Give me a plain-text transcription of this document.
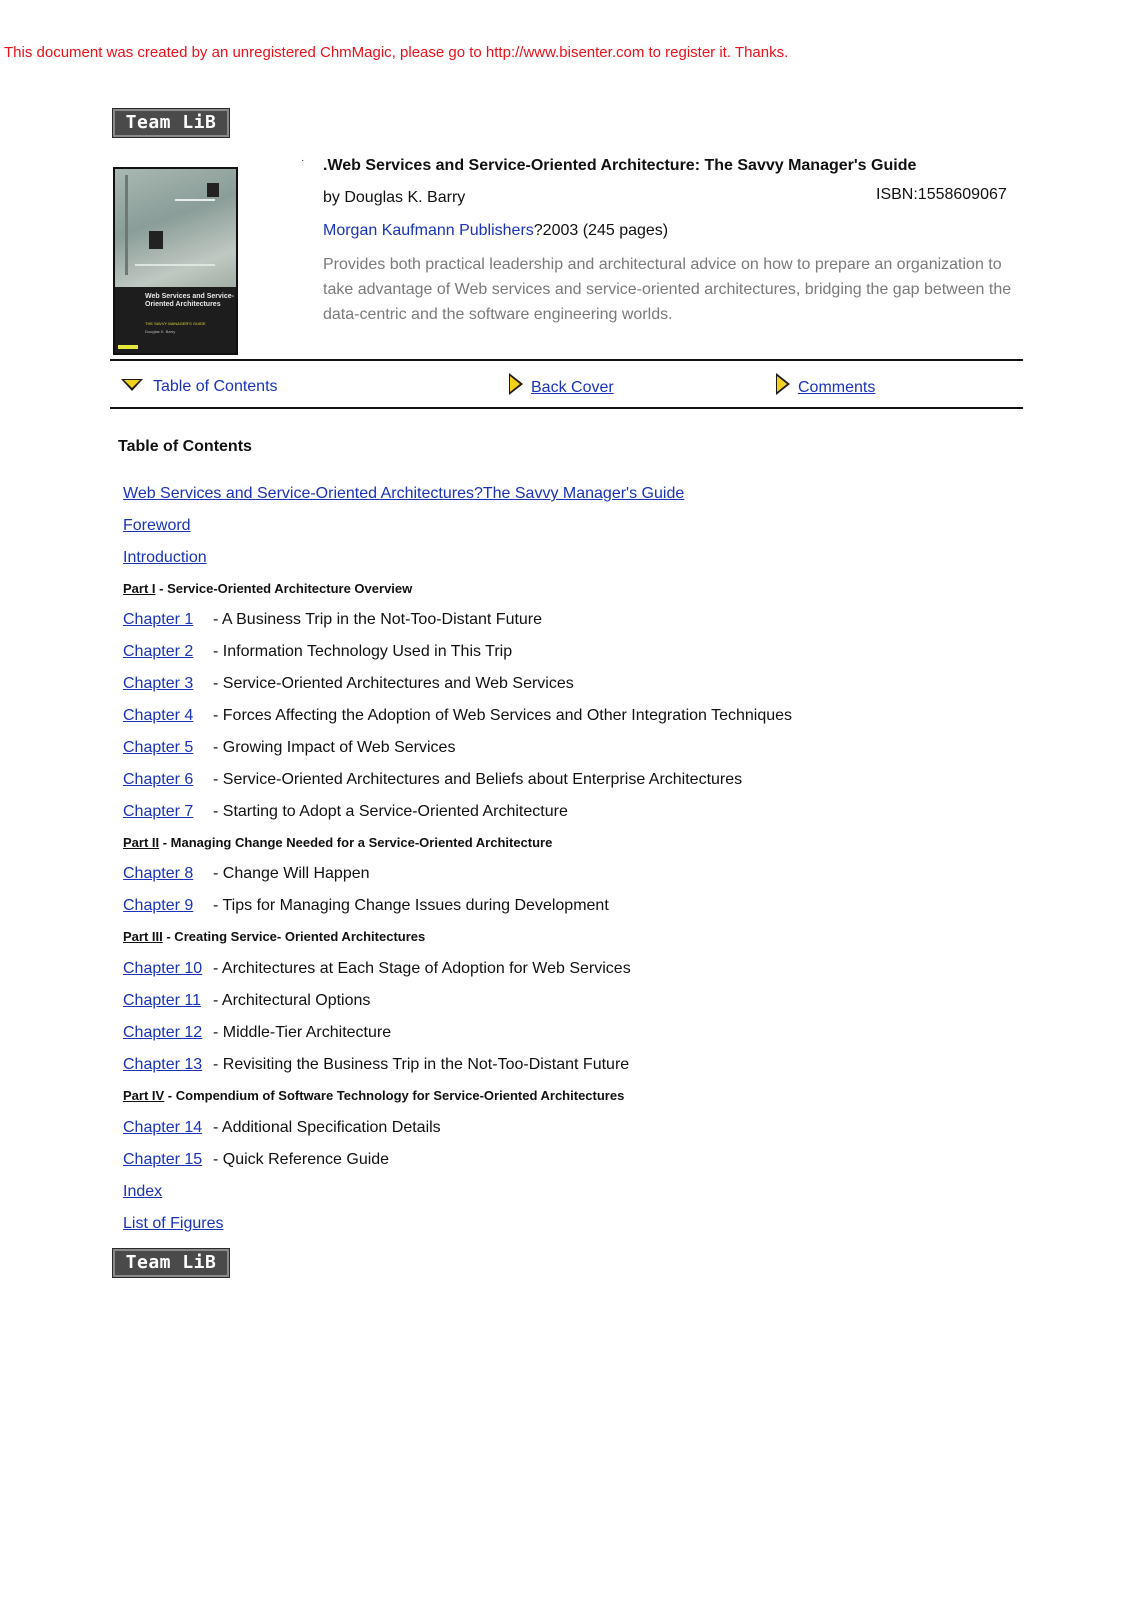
This document was created by an unregistered ChmMagic, please go to http://www.bisenter.com to register it. Thanks.
Team LiB
Web Services and Service-Oriented Architectures
THE SAVVY MANAGER'S GUIDE
Douglas K. Barry
· .Web Services and Service-Oriented Architecture: The Savvy Manager's Guide
by Douglas K. Barry	ISBN:1558609067
Morgan Kaufmann Publishers?2003 (245 pages)
Provides both practical leadership and architectural advice on how to prepare an organization to take advantage of Web services and service-oriented architectures, bridging the gap between the data-centric and the software engineering worlds.
Table of Contents	Back Cover	Comments
Table of Contents
Web Services and Service-Oriented Architectures?The Savvy Manager's Guide
Foreword
Introduction
Part I - Service-Oriented Architecture Overview
Chapter 1 - A Business Trip in the Not-Too-Distant Future
Chapter 2 - Information Technology Used in This Trip
Chapter 3 - Service-Oriented Architectures and Web Services
Chapter 4 - Forces Affecting the Adoption of Web Services and Other Integration Techniques
Chapter 5 - Growing Impact of Web Services
Chapter 6 - Service-Oriented Architectures and Beliefs about Enterprise Architectures
Chapter 7 - Starting to Adopt a Service-Oriented Architecture
Part II - Managing Change Needed for a Service-Oriented Architecture
Chapter 8 - Change Will Happen
Chapter 9 - Tips for Managing Change Issues during Development
Part III - Creating Service- Oriented Architectures
Chapter 10 - Architectures at Each Stage of Adoption for Web Services
Chapter 11 - Architectural Options
Chapter 12 - Middle-Tier Architecture
Chapter 13 - Revisiting the Business Trip in the Not-Too-Distant Future
Part IV - Compendium of Software Technology for Service-Oriented Architectures
Chapter 14 - Additional Specification Details
Chapter 15 - Quick Reference Guide
Index
List of Figures
Team LiB
